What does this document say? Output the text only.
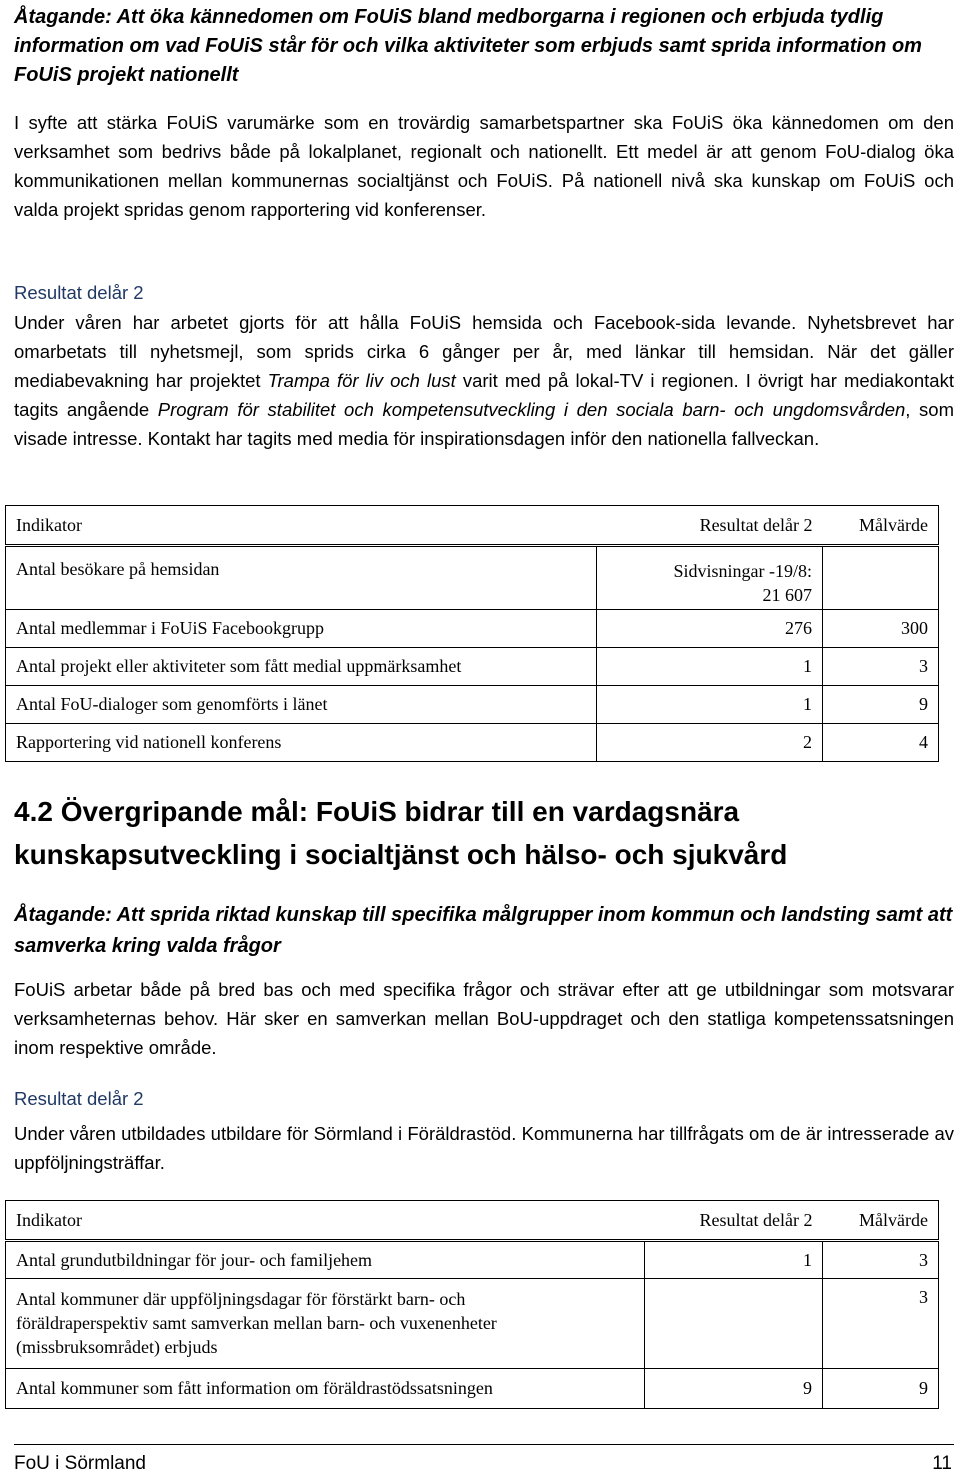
Åtagande: Att öka kännedomen om FoUiS bland medborgarna i regionen och erbjuda tydlig information om vad FoUiS står för och vilka aktiviteter som erbjuds samt sprida information om FoUiS projekt nationellt

I syfte att stärka FoUiS varumärke som en trovärdig samarbetspartner ska FoUiS öka kännedomen om den verksamhet som bedrivs både på lokalplanet, regionalt och nationellt. Ett medel är att genom FoU-dialog öka kommunikationen mellan kommunernas socialtjänst och FoUiS. På nationell nivå ska kunskap om FoUiS och valda projekt spridas genom rapportering vid konferenser.

Resultat delår 2

Under våren har arbetet gjorts för att hålla FoUiS hemsida och Facebook-sida levande. Nyhetsbrevet har omarbetats till nyhetsmejl, som sprids cirka 6 gånger per år, med länkar till hemsidan. När det gäller mediabevakning har projektet Trampa för liv och lust varit med på lokal-TV i regionen. I övrigt har mediakontakt tagits angående Program för stabilitet och kompetensutveckling i den sociala barn- och ungdomsvården, som visade intresse. Kontakt har tagits med media för inspirationsdagen inför den nationella fallveckan.

Indikator	Resultat delår 2	Målvärde
Antal besökare på hemsidan	Sidvisningar -19/8:
21 607	

Antal medlemmar i FoUiS Facebookgrupp	276	300
Antal projekt eller aktiviteter som fått medial uppmärksamhet	1	3
Antal FoU-dialoger som genomförts i länet	1	9
Rapportering vid nationell konferens	2	4
4.2 Övergripande mål: FoUiS bidrar till en vardagsnära kunskapsutveckling i socialtjänst och hälso- och sjukvård

Åtagande: Att sprida riktad kunskap till specifika målgrupper inom kommun och landsting samt att samverka kring valda frågor

FoUiS arbetar både på bred bas och med specifika frågor och strävar efter att ge utbildningar som motsvarar verksamheternas behov. Här sker en samverkan mellan BoU-uppdraget och den statliga kompetenssatsningen inom respektive område.

Resultat delår 2

Under våren utbildades utbildare för Sörmland i Föräldrastöd. Kommunerna har tillfrågats om de är intresserade av uppföljningsträffar.

Indikator	Resultat delår 2	Målvärde
Antal grundutbildningar för jour- och familjehem	1	3

Antal kommuner där uppföljningsdagar för förstärkt barn- och
föräldraperspektiv samt samverkan mellan barn- och vuxenenheter
(missbruksområdet) erbjuds		3
Antal kommuner som fått information om föräldrastödssatsningen	9	9
FoU i Sörmland	11
